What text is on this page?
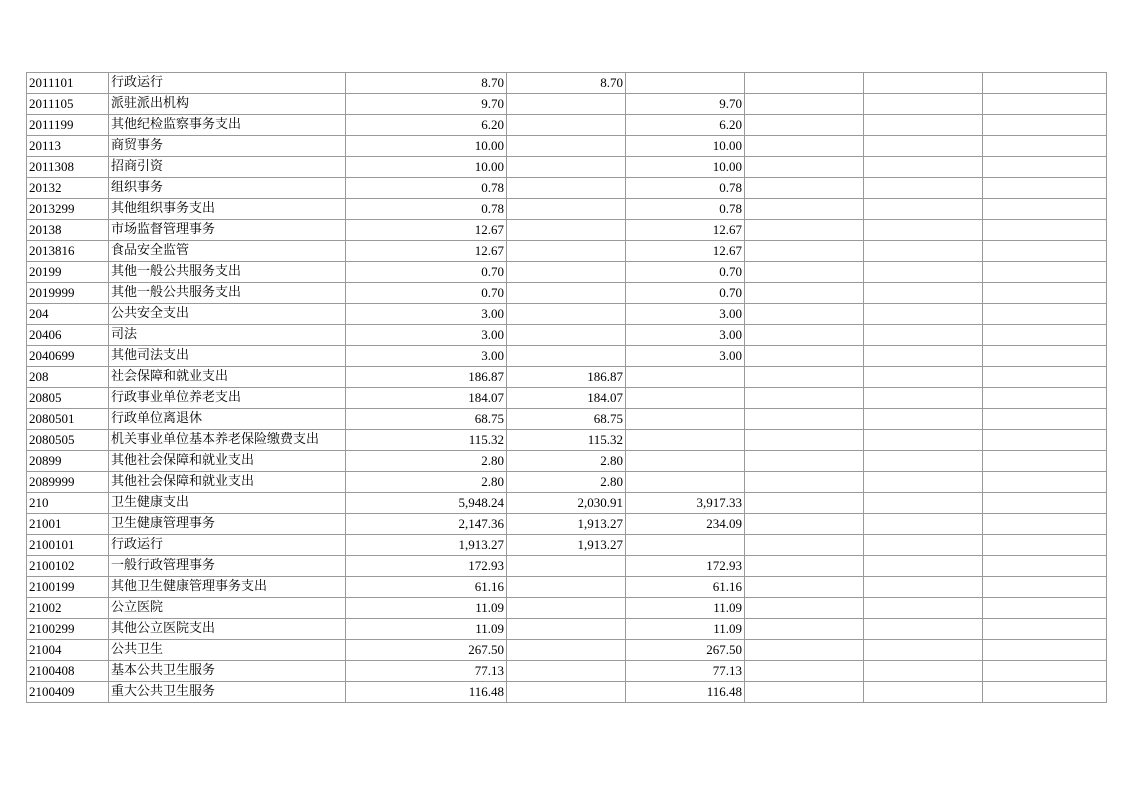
2011101	行政运行	8.70	8.70				
2011105	派驻派出机构	9.70		9.70			
2011199	其他纪检监察事务支出	6.20		6.20			
20113	商贸事务	10.00		10.00			
2011308	招商引资	10.00		10.00			
20132	组织事务	0.78		0.78			
2013299	其他组织事务支出	0.78		0.78			
20138	市场监督管理事务	12.67		12.67			
2013816	食品安全监管	12.67		12.67			
20199	其他一般公共服务支出	0.70		0.70			
2019999	其他一般公共服务支出	0.70		0.70			
204	公共安全支出	3.00		3.00			
20406	司法	3.00		3.00			
2040699	其他司法支出	3.00		3.00			
208	社会保障和就业支出	186.87	186.87				
20805	行政事业单位养老支出	184.07	184.07				
2080501	行政单位离退休	68.75	68.75				
2080505	机关事业单位基本养老保险缴费支出	115.32	115.32				
20899	其他社会保障和就业支出	2.80	2.80				
2089999	其他社会保障和就业支出	2.80	2.80				
210	卫生健康支出	5,948.24	2,030.91	3,917.33			
21001	卫生健康管理事务	2,147.36	1,913.27	234.09			
2100101	行政运行	1,913.27	1,913.27				
2100102	一般行政管理事务	172.93		172.93			
2100199	其他卫生健康管理事务支出	61.16		61.16			
21002	公立医院	11.09		11.09			
2100299	其他公立医院支出	11.09		11.09			
21004	公共卫生	267.50		267.50			
2100408	基本公共卫生服务	77.13		77.13			
2100409	重大公共卫生服务	116.48		116.48			
